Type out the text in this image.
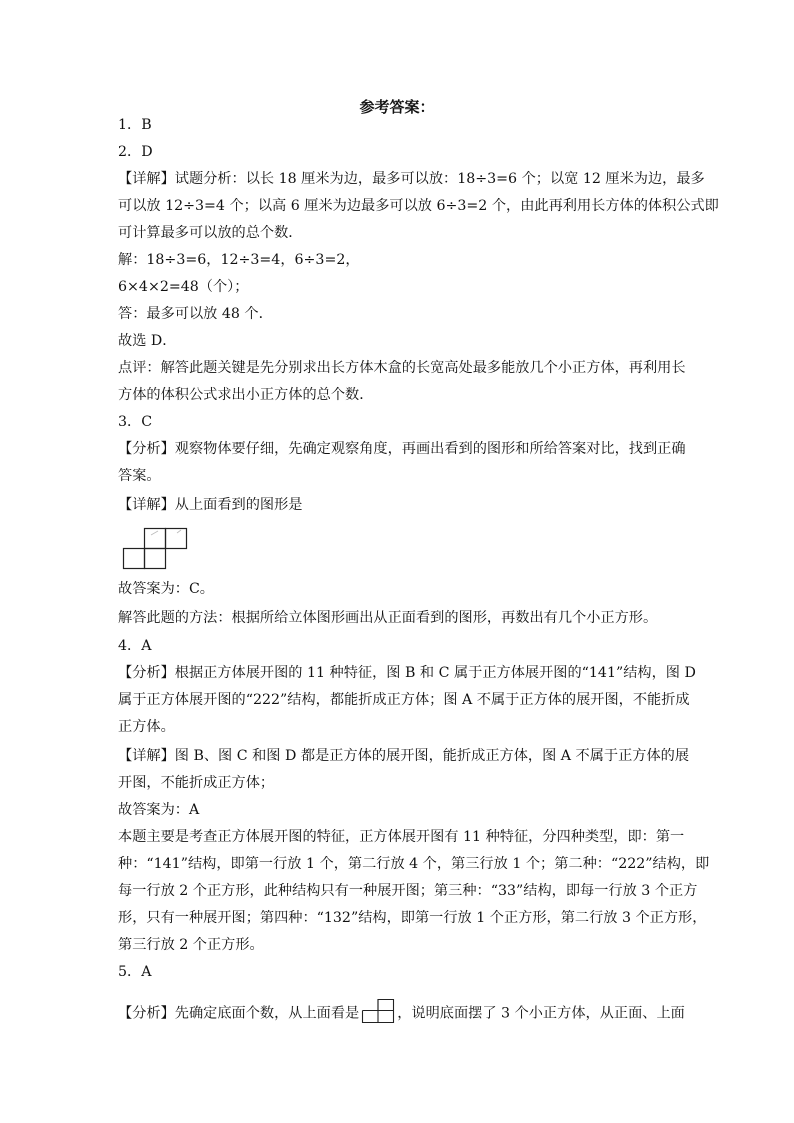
参考答案：
1．B
2．D
【详解】试题分析：以长 18 厘米为边，最多可以放：18÷3=6 个；以宽 12 厘米为边，最多
可以放 12÷3=4 个；以高 6 厘米为边最多可以放 6÷3=2 个，由此再利用长方体的体积公式即
可计算最多可以放的总个数．
解：18÷3=6，12÷3=4，6÷3=2，
6×4×2=48（个）；
答：最多可以放 48 个．
故选 D．
点评：解答此题关键是先分别求出长方体木盒的长宽高处最多能放几个小正方体，再利用长
方体的体积公式求出小正方体的总个数．
3．C
【分析】观察物体要仔细，先确定观察角度，再画出看到的图形和所给答案对比，找到正确
答案。
【详解】从上面看到的图形是
故答案为：C。
解答此题的方法：根据所给立体图形画出从正面看到的图形，再数出有几个小正方形。
4．A
【分析】根据正方体展开图的 11 种特征，图 B 和 C 属于正方体展开图的“141”结构，图 D
属于正方体展开图的“222”结构，都能折成正方体；图 A 不属于正方体的展开图，不能折成
正方体。
【详解】图 B、图 C 和图 D 都是正方体的展开图，能折成正方体，图 A 不属于正方体的展
开图，不能折成正方体；
故答案为：A
本题主要是考查正方体展开图的特征，正方体展开图有 11 种特征，分四种类型，即：第一
种：“141”结构，即第一行放 1 个，第二行放 4 个，第三行放 1 个；第二种：“222”结构，即
每一行放 2 个正方形，此种结构只有一种展开图；第三种：“33”结构，即每一行放 3 个正方
形，只有一种展开图；第四种：“132”结构，即第一行放 1 个正方形，第二行放 3 个正方形，
第三行放 2 个正方形。
5．A
【分析】先确定底面个数，从上面看是	，说明底面摆了 3 个小正方体，从正面、上面
